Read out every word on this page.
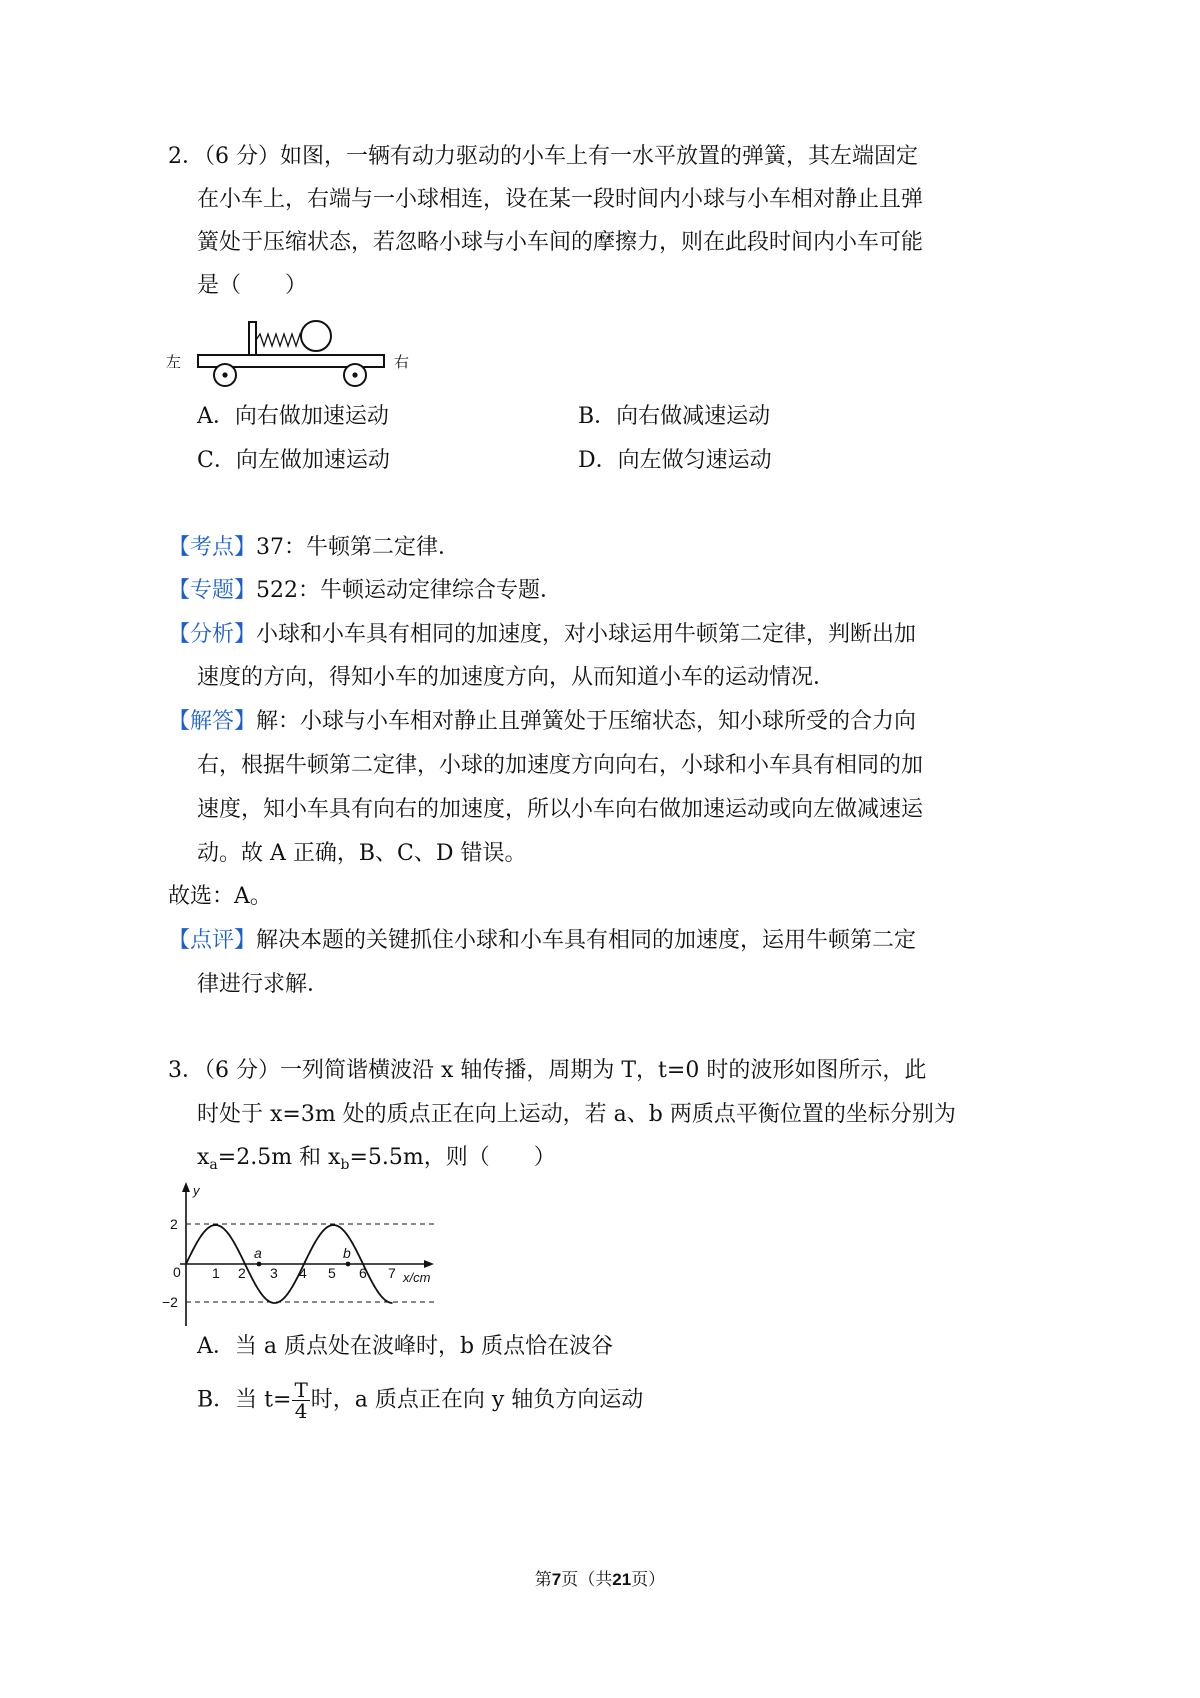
2．（6 分）如图，一辆有动力驱动的小车上有一水平放置的弹簧，其左端固定
在小车上，右端与一小球相连，设在某一段时间内小球与小车相对静止且弹
簧处于压缩状态，若忽略小球与小车间的摩擦力，则在此段时间内小车可能
是（　　）
左	右
A．向右做加速运动	B．向右做减速运动
C．向左做加速运动	D．向左做匀速运动
【考点】37：牛顿第二定律．
【专题】522：牛顿运动定律综合专题．
【分析】小球和小车具有相同的加速度，对小球运用牛顿第二定律，判断出加
速度的方向，得知小车的加速度方向，从而知道小车的运动情况．
【解答】解：小球与小车相对静止且弹簧处于压缩状态，知小球所受的合力向
右，根据牛顿第二定律，小球的加速度方向向右，小球和小车具有相同的加
速度，知小车具有向右的加速度，所以小车向右做加速运动或向左做减速运
动。故 A 正确，B、C、D 错误。
故选：A。
【点评】解决本题的关键抓住小球和小车具有相同的加速度，运用牛顿第二定
律进行求解．
3．（6 分）一列简谐横波沿 x 轴传播，周期为 T，t=0 时的波形如图所示，此
时处于 x=3m 处的质点正在向上运动，若 a、b 两质点平衡位置的坐标分别为
$x_a=2.5m$ 和 $x_b=5.5m$，则（　　）
y
x/cm
2
−2
0 1 2 3 4 5 6 7
a	b
A．当 a 质点处在波峰时，b 质点恰在波谷
B．当 $t= \frac{T}{4}$ 时，a 质点正在向 y 轴负方向运动
第7页（共21页）
